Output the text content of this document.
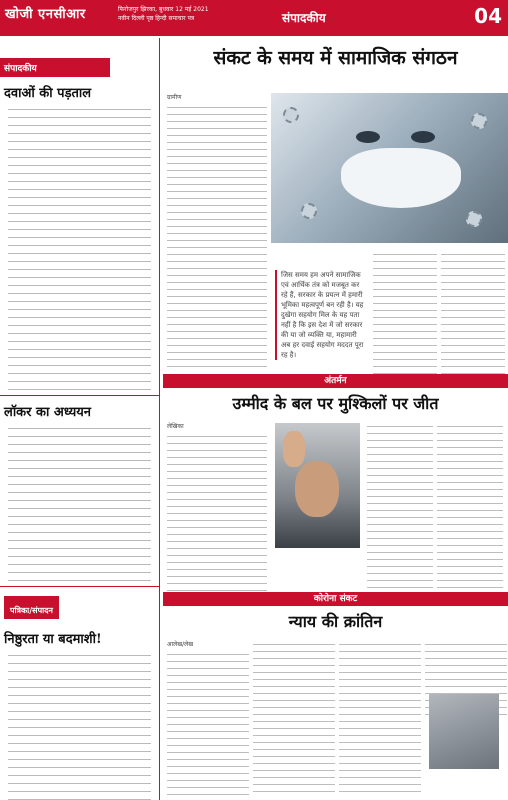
खोजी एनसीआर	फिरोजपुर झिरका, बुधवार 12 मई 2021
नवीन दिल्ली पृष्ठ हिन्दी समाचार पत्र	संपादकीय	04
संपादकीय
दवाओं की पड़ताल
लॉकर का अध्ययन
पत्रिका/संपादन
निष्ठुरता या बदमाशी!
संकट के समय में सामाजिक संगठन
ग्रामीण
जिस समय हम अपने सामाजिक एवं आर्थिक तंत्र को मजबूत कर रहे हैं, सरकार के प्रयत्न में हमारी भूमिका महत्वपूर्ण बन रही है। यह दुखेगा सहयोग मिल के यह पता नहीं है कि इस देश में जो सरकार की या जो व्यक्ति या, महामारी अब हर दवाई सहयोग मददत पूरा रह है।
अंतर्मन
उम्मीद के बल पर मुश्किलों पर जीत
लेखिका
कोरोना संकट
न्याय की क्रांतिन
आलेख/लेख
